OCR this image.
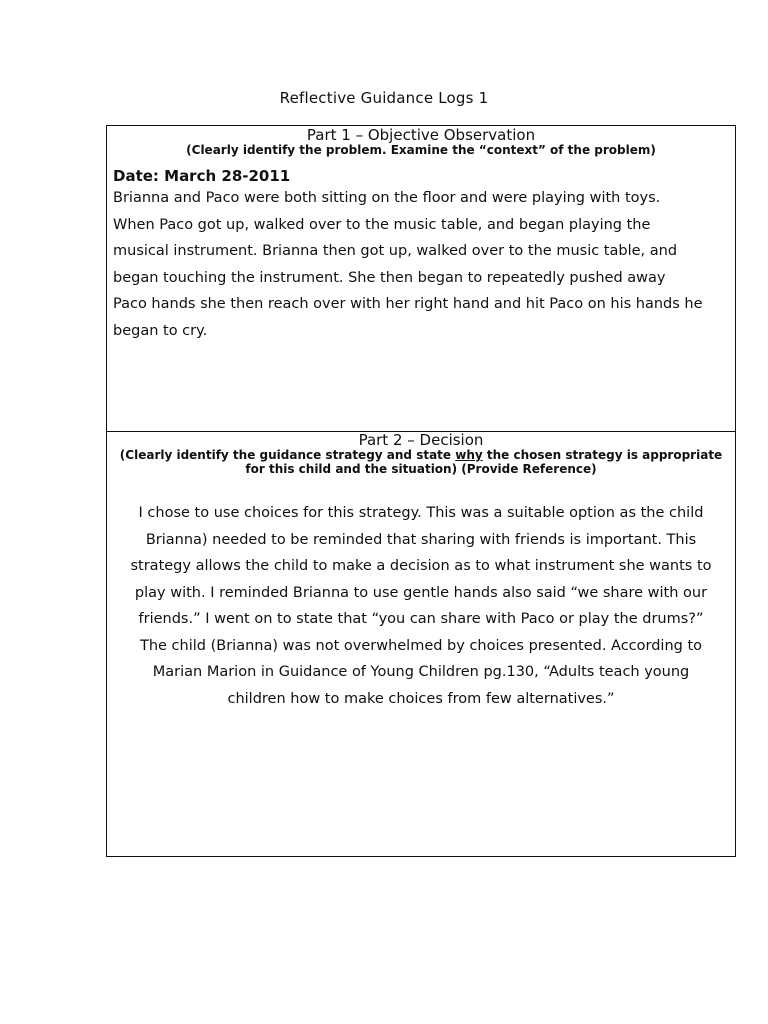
Reflective Guidance Logs 1
Part 1 – Objective Observation
(Clearly identify the problem. Examine the “context” of the problem)
Date: March 28-2011
Brianna and Paco were both sitting on the floor and were playing with toys.
When Paco got up, walked over to the music table, and began playing the
musical instrument. Brianna then got up, walked over to the music table, and
began touching the instrument. She then began to repeatedly pushed away
Paco hands she then reach over with her right hand and hit Paco on his hands he
began to cry.
Part 2 – Decision
(Clearly identify the guidance strategy and state why the chosen strategy is appropriate
for this child and the situation) (Provide Reference)
I chose to use choices for this strategy. This was a suitable option as the child
Brianna) needed to be reminded that sharing with friends is important. This
strategy allows the child to make a decision as to what instrument she wants to
play with. I reminded Brianna to use gentle hands also said “we share with our
friends.” I went on to state that “you can share with Paco or play the drums?”
The child (Brianna) was not overwhelmed by choices presented. According to
Marian Marion in Guidance of Young Children pg.130, “Adults teach young
children how to make choices from few alternatives.”
